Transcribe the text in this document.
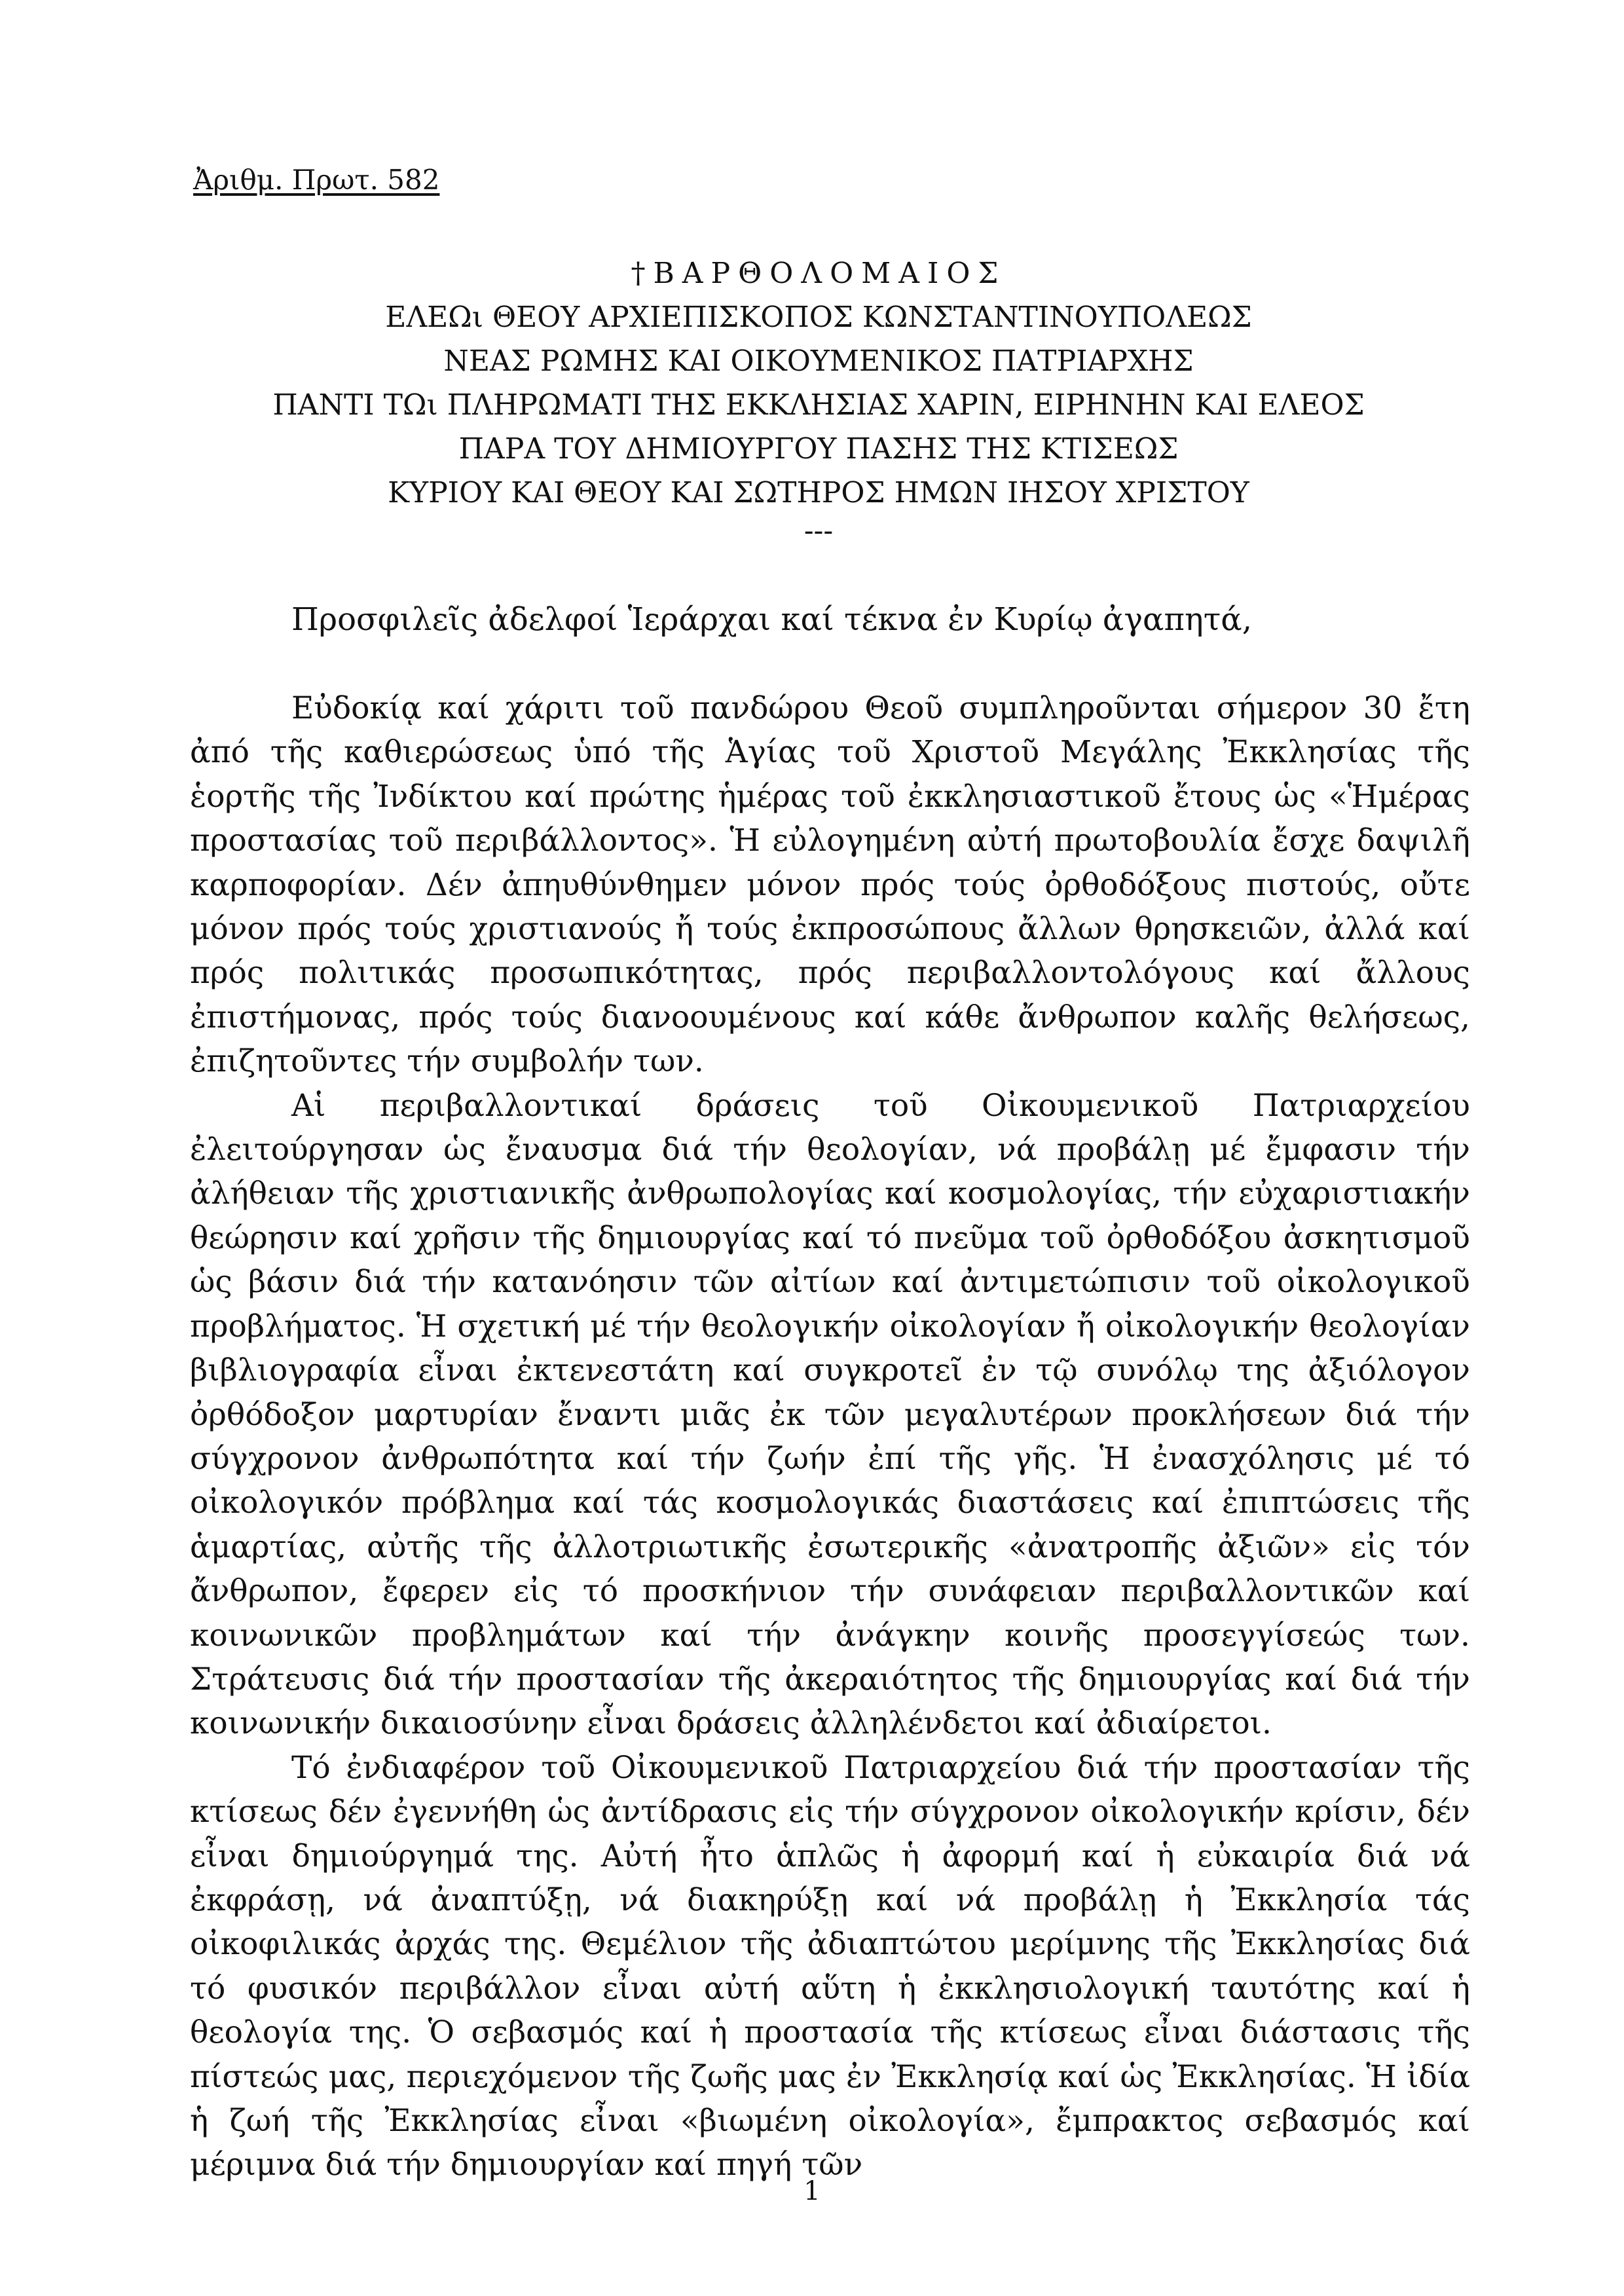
Ἀριθμ. Πρωτ. 582
†ΒΑΡΘΟΛΟΜΑΙΟΣ
ΕΛΕΩι ΘΕΟΥ ΑΡΧΙΕΠΙΣΚΟΠΟΣ ΚΩΝΣΤΑΝΤΙΝΟΥΠΟΛΕΩΣ
ΝΕΑΣ ΡΩΜΗΣ ΚΑΙ ΟΙΚΟΥΜΕΝΙΚΟΣ ΠΑΤΡΙΑΡΧΗΣ
ΠΑΝΤΙ ΤΩι ΠΛΗΡΩΜΑΤΙ ΤΗΣ ΕΚΚΛΗΣΙΑΣ ΧΑΡΙΝ, ΕΙΡΗΝΗΝ ΚΑΙ ΕΛΕΟΣ
ΠΑΡΑ ΤΟΥ ΔΗΜΙΟΥΡΓΟΥ ΠΑΣΗΣ ΤΗΣ ΚΤΙΣΕΩΣ
ΚΥΡΙΟΥ ΚΑΙ ΘΕΟΥ ΚΑΙ ΣΩΤΗΡΟΣ ΗΜΩΝ ΙΗΣΟΥ ΧΡΙΣΤΟΥ
---
Προσφιλεῖς ἀδελφοί Ἱεράρχαι καί τέκνα ἐν Κυρίῳ ἀγαπητά,

Εὐδοκίᾳ καί χάριτι τοῦ πανδώρου Θεοῦ συμπληροῦνται σήμερον 30 ἔτη ἀπό τῆς καθιερώσεως ὑπό τῆς Ἁγίας τοῦ Χριστοῦ Μεγάλης Ἐκκλησίας τῆς ἑορτῆς τῆς Ἰνδίκτου καί πρώτης ἡμέρας τοῦ ἐκκλησιαστικοῦ ἔτους ὡς «Ἡμέρας προστασίας τοῦ περιβάλλοντος». Ἡ εὐλογημένη αὐτή πρωτοβουλία ἔσχε δαψιλῆ καρποφορίαν. Δέν ἀπηυθύνθημεν μόνον πρός τούς ὀρθοδόξους πιστούς, οὔτε μόνον πρός τούς χριστιανούς ἤ τούς ἐκπροσώπους ἄλλων θρησκειῶν, ἀλλά καί πρός πολιτικάς προσωπικότητας, πρός περιβαλλοντολόγους καί ἄλλους ἐπιστήμονας, πρός τούς διανοουμένους καί κάθε ἄνθρωπον καλῆς θελήσεως, ἐπιζητοῦντες τήν συμβολήν των.

Αἱ περιβαλλοντικαί δράσεις τοῦ Οἰκουμενικοῦ Πατριαρχείου ἐλειτούργησαν ὡς ἔναυσμα διά τήν θεολογίαν, νά προβάλῃ μέ ἔμφασιν τήν ἀλήθειαν τῆς χριστιανικῆς ἀνθρωπολογίας καί κοσμολογίας, τήν εὐχαριστιακήν θεώρησιν καί χρῆσιν τῆς δημιουργίας καί τό πνεῦμα τοῦ ὀρθοδόξου ἀσκητισμοῦ ὡς βάσιν διά τήν κατανόησιν τῶν αἰτίων καί ἀντιμετώπισιν τοῦ οἰκολογικοῦ προβλήματος. Ἡ σχετική μέ τήν θεολογικήν οἰκολογίαν ἤ οἰκολογικήν θεολογίαν βιβλιογραφία εἶναι ἐκτενεστάτη καί συγκροτεῖ ἐν τῷ συνόλῳ της ἀξιόλογον ὀρθόδοξον μαρτυρίαν ἔναντι μιᾶς ἐκ τῶν μεγαλυτέρων προκλήσεων διά τήν σύγχρονον ἀνθρωπότητα καί τήν ζωήν ἐπί τῆς γῆς. Ἡ ἐνασχόλησις μέ τό οἰκολογικόν πρόβλημα καί τάς κοσμολογικάς διαστάσεις καί ἐπιπτώσεις τῆς ἁμαρτίας, αὐτῆς τῆς ἀλλοτριωτικῆς ἐσωτερικῆς «ἀνατροπῆς ἀξιῶν» εἰς τόν ἄνθρωπον, ἔφερεν εἰς τό προσκήνιον τήν συνάφειαν περιβαλλοντικῶν καί κοινωνικῶν προβλημάτων καί τήν ἀνάγκην κοινῆς προσεγγίσεώς των. Στράτευσις διά τήν προστασίαν τῆς ἀκεραιότητος τῆς δημιουργίας καί διά τήν κοινωνικήν δικαιοσύνην εἶναι δράσεις ἀλληλένδετοι καί ἀδιαίρετοι.

Τό ἐνδιαφέρον τοῦ Οἰκουμενικοῦ Πατριαρχείου διά τήν προστασίαν τῆς κτίσεως δέν ἐγεννήθη ὡς ἀντίδρασις εἰς τήν σύγχρονον οἰκολογικήν κρίσιν, δέν εἶναι δημιούργημά της. Αὐτή ἦτο ἁπλῶς ἡ ἀφορμή καί ἡ εὐκαιρία διά νά ἐκφράσῃ, νά ἀναπτύξῃ, νά διακηρύξῃ καί νά προβάλῃ ἡ Ἐκκλησία τάς οἰκοφιλικάς ἀρχάς της. Θεμέλιον τῆς ἀδιαπτώτου μερίμνης τῆς Ἐκκλησίας διά τό φυσικόν περιβάλλον εἶναι αὐτή αὕτη ἡ ἐκκλησιολογική ταυτότης καί ἡ θεολογία της. Ὁ σεβασμός καί ἡ προστασία τῆς κτίσεως εἶναι διάστασις τῆς πίστεώς μας, περιεχόμενον τῆς ζωῆς μας ἐν Ἐκκλησίᾳ καί ὡς Ἐκκλησίας. Ἡ ἰδία ἡ ζωή τῆς Ἐκκλησίας εἶναι «βιωμένη οἰκολογία», ἔμπρακτος σεβασμός καί μέριμνα διά τήν δημιουργίαν καί πηγή τῶν

1
